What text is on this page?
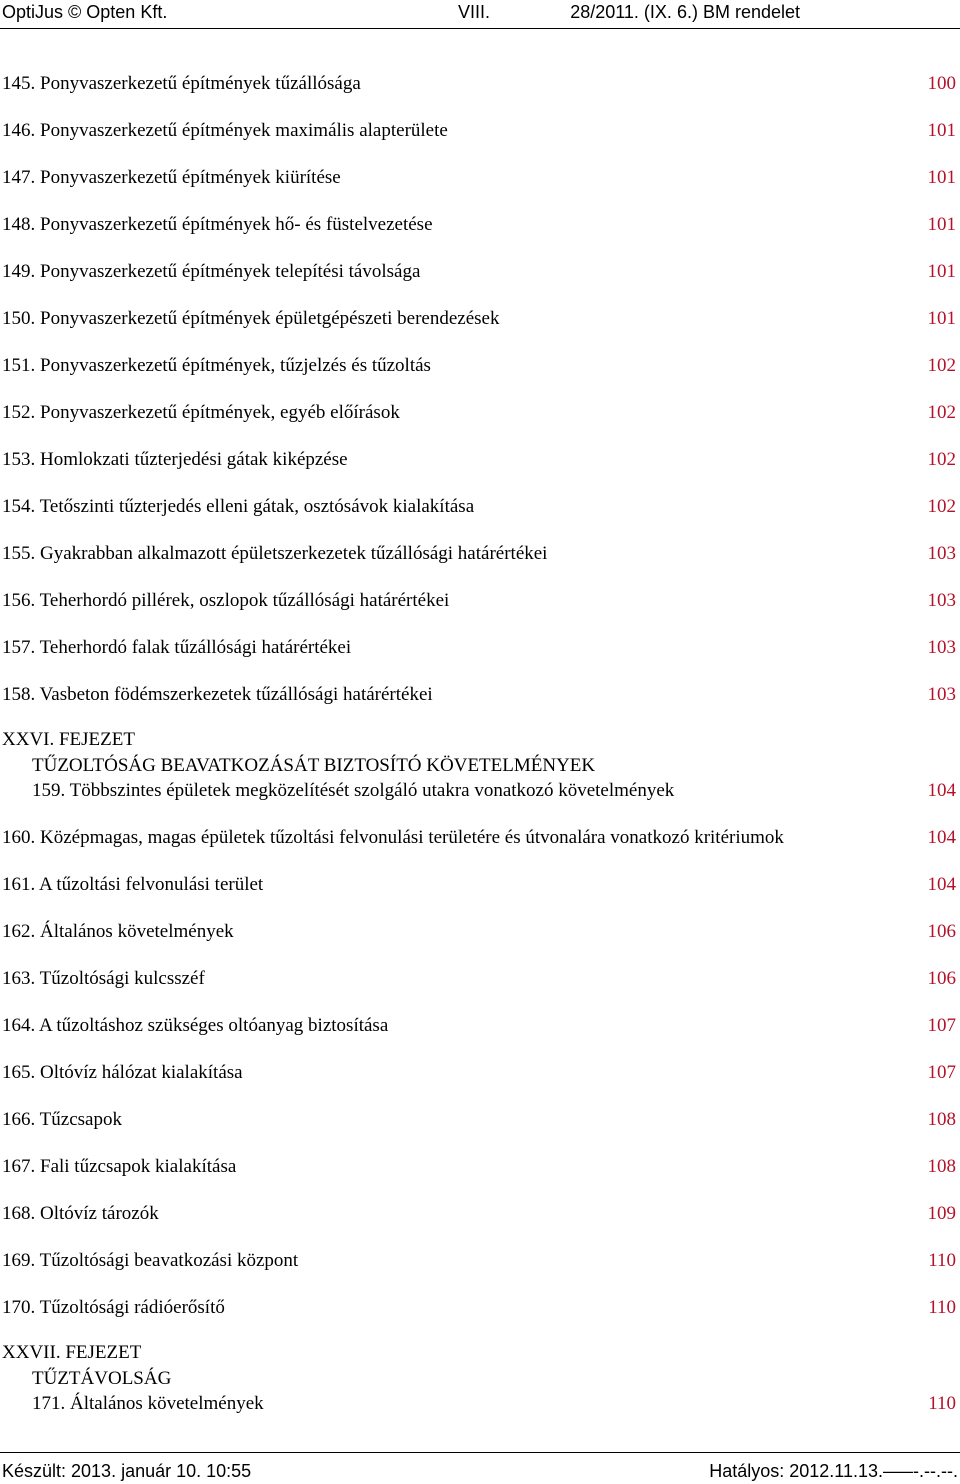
OptiJus © Opten Kft.	VIII.	28/2011. (IX. 6.) BM rendelet
145. Ponyvaszerkezetű építmények tűzállósága	100
146. Ponyvaszerkezetű építmények maximális alapterülete	101
147. Ponyvaszerkezetű építmények kiürítése	101
148. Ponyvaszerkezetű építmények hő- és füstelvezetése	101
149. Ponyvaszerkezetű építmények telepítési távolsága	101
150. Ponyvaszerkezetű építmények épületgépészeti berendezések	101
151. Ponyvaszerkezetű építmények, tűzjelzés és tűzoltás	102
152. Ponyvaszerkezetű építmények, egyéb előírások	102
153. Homlokzati tűzterjedési gátak kiképzése	102
154. Tetőszinti tűzterjedés elleni gátak, osztósávok kialakítása	102
155. Gyakrabban alkalmazott épületszerkezetek tűzállósági határértékei	103
156. Teherhordó pillérek, oszlopok tűzállósági határértékei	103
157. Teherhordó falak tűzállósági határértékei	103
158. Vasbeton födémszerkezetek tűzállósági határértékei	103
XXVI. FEJEZET
TŰZOLTÓSÁG BEAVATKOZÁSÁT BIZTOSÍTÓ KÖVETELMÉNYEK
159. Többszintes épületek megközelítését szolgáló utakra vonatkozó követelmények	104
160. Középmagas, magas épületek tűzoltási felvonulási területére és útvonalára vonatkozó kritériumok	104
161. A tűzoltási felvonulási terület	104
162. Általános követelmények	106
163. Tűzoltósági kulcsszéf	106
164. A tűzoltáshoz szükséges oltóanyag biztosítása	107
165. Oltóvíz hálózat kialakítása	107
166. Tűzcsapok	108
167. Fali tűzcsapok kialakítása	108
168. Oltóvíz tározók	109
169. Tűzoltósági beavatkozási központ	110
170. Tűzoltósági rádióerősítő	110
XXVII. FEJEZET
TŰZTÁVOLSÁG
171. Általános követelmények	110
Készült: 2013. január 10. 10:55	Hatályos: 2012.11.13.–––-.--.--.
